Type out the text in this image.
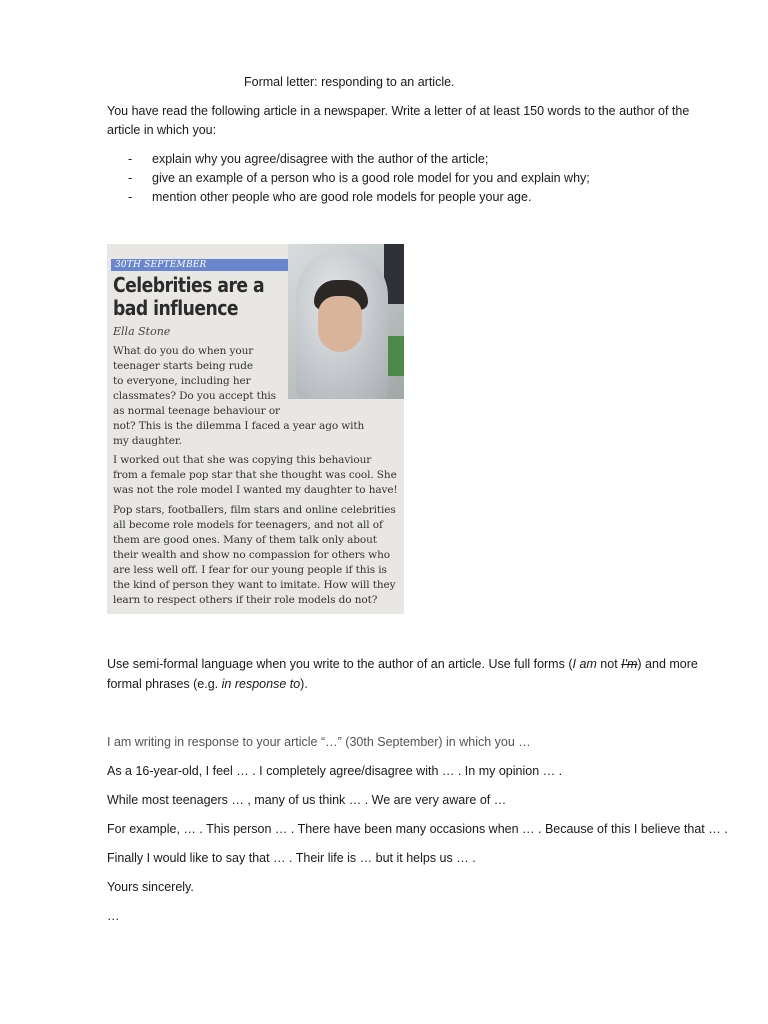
Formal letter: responding to an article.
You have read the following article in a newspaper. Write a letter of at least 150 words to the author of the
article in which you:
- explain why you agree/disagree with the author of the article;
- give an example of a person who is a good role model for you and explain why;
- mention other people who are good role models for people your age.
30TH SEPTEMBER
Celebrities are a bad influence
Ella Stone
What do you do when your
teenager starts being rude
to everyone, including her
classmates? Do you accept this
as normal teenage behaviour or
not? This is the dilemma I faced a year ago with
my daughter.
I worked out that she was copying this behaviour
from a female pop star that she thought was cool. She
was not the role model I wanted my daughter to have!
Pop stars, footballers, film stars and online celebrities
all become role models for teenagers, and not all of
them are good ones. Many of them talk only about
their wealth and show no compassion for others who
are less well off. I fear for our young people if this is
the kind of person they want to imitate. How will they
learn to respect others if their role models do not?
Use semi-formal language when you write to the author of an article. Use full forms (I am not I'm) and more
formal phrases (e.g. in response to).
I am writing in response to your article “…” (30th September) in which you …
As a 16-year-old, I feel … . I completely agree/disagree with … . In my opinion … .
While most teenagers … , many of us think … . We are very aware of …
For example, … . This person … . There have been many occasions when … . Because of this I believe that … .
Finally I would like to say that … . Their life is … but it helps us … .
Yours sincerely.
…
